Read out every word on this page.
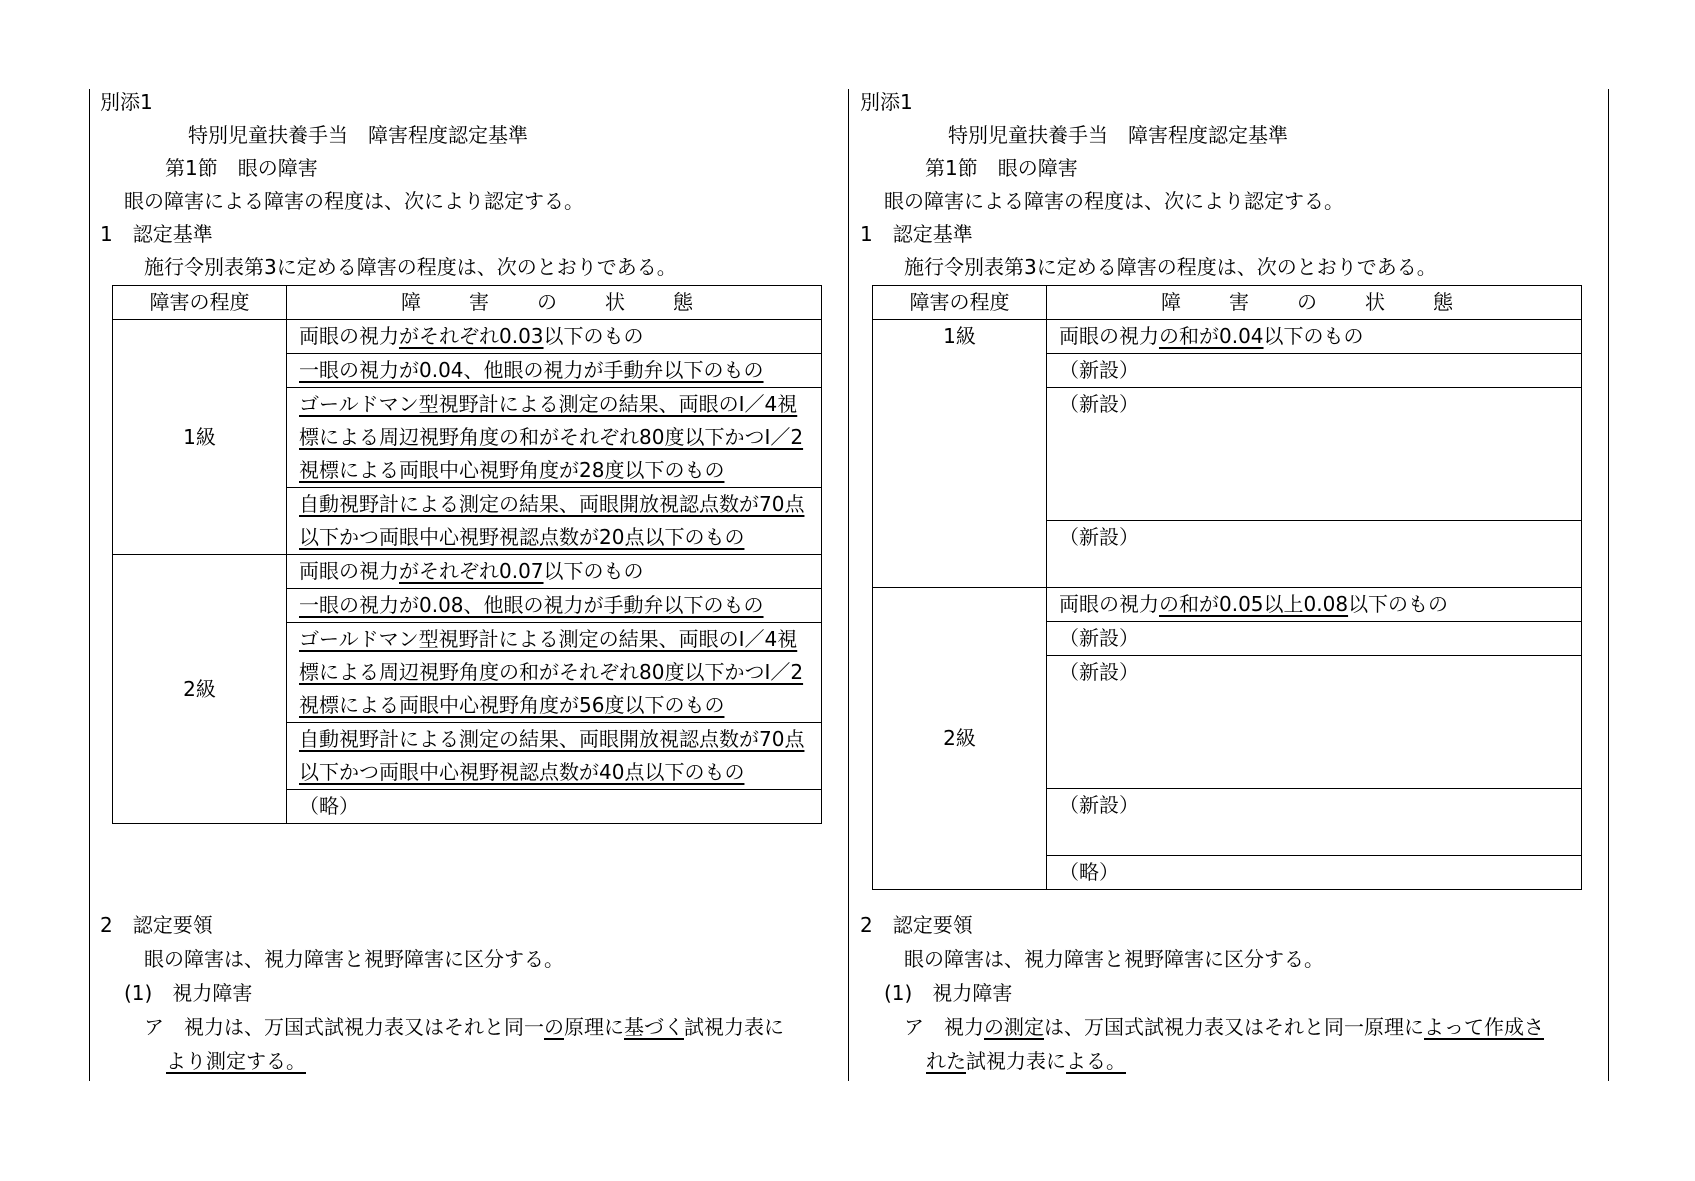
別添1
特別児童扶養手当　障害程度認定基準
第1節　眼の障害
眼の障害による障害の程度は、次により認定する。
1　認定基準
施行令別表第3に定める障害の程度は、次のとおりである。
障害の程度	障　害　の　状　態
1級	両眼の視力がそれぞれ0.03以下のもの
	一眼の視力が0.04、他眼の視力が手動弁以下のもの
	ゴールドマン型視野計による測定の結果、両眼のI／4視標による周辺視野角度の和がそれぞれ80度以下かつI／2視標による両眼中心視野角度が28度以下のもの
	自動視野計による測定の結果、両眼開放視認点数が70点以下かつ両眼中心視野視認点数が20点以下のもの
2級	両眼の視力がそれぞれ0.07以下のもの
	一眼の視力が0.08、他眼の視力が手動弁以下のもの
	ゴールドマン型視野計による測定の結果、両眼のI／4視標による周辺視野角度の和がそれぞれ80度以下かつI／2視標による両眼中心視野角度が56度以下のもの
	自動視野計による測定の結果、両眼開放視認点数が70点以下かつ両眼中心視野視認点数が40点以下のもの
	（略）
2　認定要領
眼の障害は、視力障害と視野障害に区分する。
(1)　視力障害
ア　視力は、万国式試視力表又はそれと同一の原理に基づく試視力表に
より測定する。
別添1
特別児童扶養手当　障害程度認定基準
第1節　眼の障害
眼の障害による障害の程度は、次により認定する。
1　認定基準
施行令別表第3に定める障害の程度は、次のとおりである。
障害の程度	障　害　の　状　態
1級	両眼の視力の和が0.04以下のもの
	（新設）
	（新設）
	（新設）
2級	両眼の視力の和が0.05以上0.08以下のもの
	（新設）
	（新設）
	（新設）
	（略）
2　認定要領
眼の障害は、視力障害と視野障害に区分する。
(1)　視力障害
ア　視力の測定は、万国式試視力表又はそれと同一原理によって作成さ
れた試視力表による。
